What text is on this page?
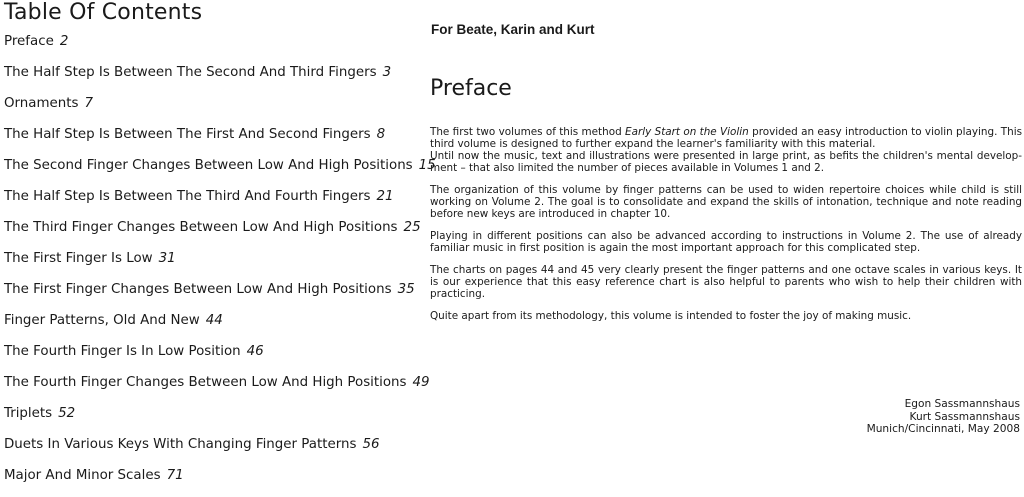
Table Of Contents
Preface 2
The Half Step Is Between The Second And Third Fingers 3
Ornaments 7
The Half Step Is Between The First And Second Fingers 8
The Second Finger Changes Between Low And High Positions 15
The Half Step Is Between The Third And Fourth Fingers 21
The Third Finger Changes Between Low And High Positions 25
The First Finger Is Low 31
The First Finger Changes Between Low And High Positions 35
Finger Patterns, Old And New 44
The Fourth Finger Is In Low Position 46
The Fourth Finger Changes Between Low And High Positions 49
Triplets 52
Duets In Various Keys With Changing Finger Patterns 56
Major And Minor Scales 71
For Beate, Karin and Kurt
Preface

The first two volumes of this method Early Start on the Violin provided an easy introduction to violin playing. This third volume is designed to further expand the learner's familiarity with this material.

Until now the music, text and illustrations were presented in large print, as befits the children's mental develop-ment – that also limited the number of pieces available in Volumes 1 and 2.

The organization of this volume by finger patterns can be used to widen repertoire choices while child is still working on Volume 2. The goal is to consolidate and expand the skills of intonation, technique and note reading before new keys are introduced in chapter 10.

Playing in different positions can also be advanced according to instructions in Volume 2. The use of already familiar music in first position is again the most important approach for this complicated step.

The charts on pages 44 and 45 very clearly present the finger patterns and one octave scales in various keys. It is our experience that this easy reference chart is also helpful to parents who wish to help their children with practicing.

Quite apart from its methodology, this volume is intended to foster the joy of making music.

Egon Sassmannshaus
Kurt Sassmannshaus
Munich/Cincinnati, May 2008
